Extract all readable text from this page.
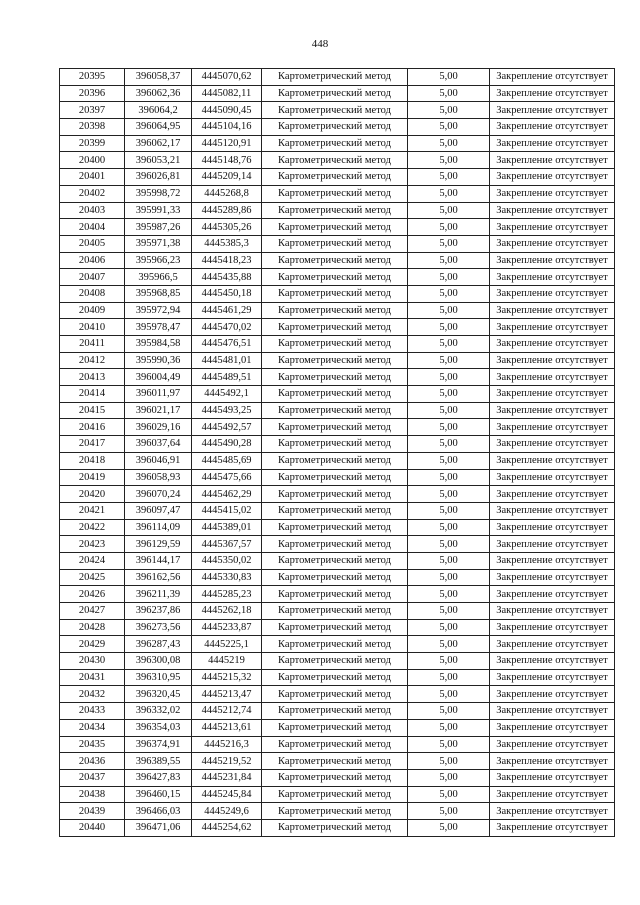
448
20395	396058,37	4445070,62	Картометрический метод	5,00	Закрепление отсутствует
20396	396062,36	4445082,11	Картометрический метод	5,00	Закрепление отсутствует
20397	396064,2	4445090,45	Картометрический метод	5,00	Закрепление отсутствует
20398	396064,95	4445104,16	Картометрический метод	5,00	Закрепление отсутствует
20399	396062,17	4445120,91	Картометрический метод	5,00	Закрепление отсутствует
20400	396053,21	4445148,76	Картометрический метод	5,00	Закрепление отсутствует
20401	396026,81	4445209,14	Картометрический метод	5,00	Закрепление отсутствует
20402	395998,72	4445268,8	Картометрический метод	5,00	Закрепление отсутствует
20403	395991,33	4445289,86	Картометрический метод	5,00	Закрепление отсутствует
20404	395987,26	4445305,26	Картометрический метод	5,00	Закрепление отсутствует
20405	395971,38	4445385,3	Картометрический метод	5,00	Закрепление отсутствует
20406	395966,23	4445418,23	Картометрический метод	5,00	Закрепление отсутствует
20407	395966,5	4445435,88	Картометрический метод	5,00	Закрепление отсутствует
20408	395968,85	4445450,18	Картометрический метод	5,00	Закрепление отсутствует
20409	395972,94	4445461,29	Картометрический метод	5,00	Закрепление отсутствует
20410	395978,47	4445470,02	Картометрический метод	5,00	Закрепление отсутствует
20411	395984,58	4445476,51	Картометрический метод	5,00	Закрепление отсутствует
20412	395990,36	4445481,01	Картометрический метод	5,00	Закрепление отсутствует
20413	396004,49	4445489,51	Картометрический метод	5,00	Закрепление отсутствует
20414	396011,97	4445492,1	Картометрический метод	5,00	Закрепление отсутствует
20415	396021,17	4445493,25	Картометрический метод	5,00	Закрепление отсутствует
20416	396029,16	4445492,57	Картометрический метод	5,00	Закрепление отсутствует
20417	396037,64	4445490,28	Картометрический метод	5,00	Закрепление отсутствует
20418	396046,91	4445485,69	Картометрический метод	5,00	Закрепление отсутствует
20419	396058,93	4445475,66	Картометрический метод	5,00	Закрепление отсутствует
20420	396070,24	4445462,29	Картометрический метод	5,00	Закрепление отсутствует
20421	396097,47	4445415,02	Картометрический метод	5,00	Закрепление отсутствует
20422	396114,09	4445389,01	Картометрический метод	5,00	Закрепление отсутствует
20423	396129,59	4445367,57	Картометрический метод	5,00	Закрепление отсутствует
20424	396144,17	4445350,02	Картометрический метод	5,00	Закрепление отсутствует
20425	396162,56	4445330,83	Картометрический метод	5,00	Закрепление отсутствует
20426	396211,39	4445285,23	Картометрический метод	5,00	Закрепление отсутствует
20427	396237,86	4445262,18	Картометрический метод	5,00	Закрепление отсутствует
20428	396273,56	4445233,87	Картометрический метод	5,00	Закрепление отсутствует
20429	396287,43	4445225,1	Картометрический метод	5,00	Закрепление отсутствует
20430	396300,08	4445219	Картометрический метод	5,00	Закрепление отсутствует
20431	396310,95	4445215,32	Картометрический метод	5,00	Закрепление отсутствует
20432	396320,45	4445213,47	Картометрический метод	5,00	Закрепление отсутствует
20433	396332,02	4445212,74	Картометрический метод	5,00	Закрепление отсутствует
20434	396354,03	4445213,61	Картометрический метод	5,00	Закрепление отсутствует
20435	396374,91	4445216,3	Картометрический метод	5,00	Закрепление отсутствует
20436	396389,55	4445219,52	Картометрический метод	5,00	Закрепление отсутствует
20437	396427,83	4445231,84	Картометрический метод	5,00	Закрепление отсутствует
20438	396460,15	4445245,84	Картометрический метод	5,00	Закрепление отсутствует
20439	396466,03	4445249,6	Картометрический метод	5,00	Закрепление отсутствует
20440	396471,06	4445254,62	Картометрический метод	5,00	Закрепление отсутствует
